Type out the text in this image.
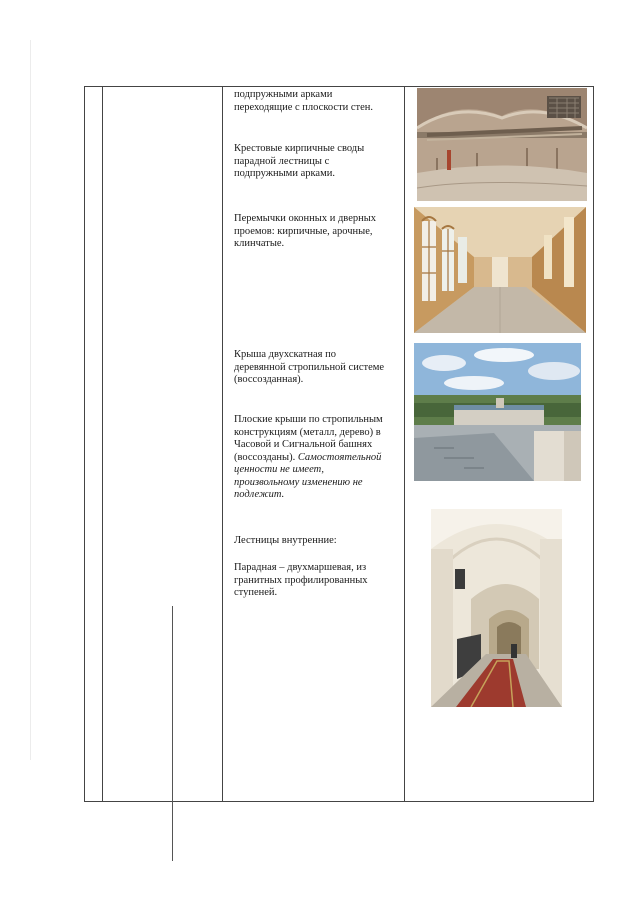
подпружными арками

переходящие с плоскости стен.

Крестовые кирпичные своды

парадной лестницы с

подпружными арками.

Перемычки оконных и дверных

проемов: кирпичные, арочные,

клинчатые.

Крыша двухскатная по

деревянной стропильной системе

(воссозданная).

Плоские крыши по стропильным

конструкциям (металл, дерево) в

Часовой и Сигнальной башнях

(воссозданы). Самостоятельной

ценности не имеет,

произвольному изменению не

подлежит.

Лестницы внутренние:

Парадная – двухмаршевая, из

гранитных профилированных

ступеней.
